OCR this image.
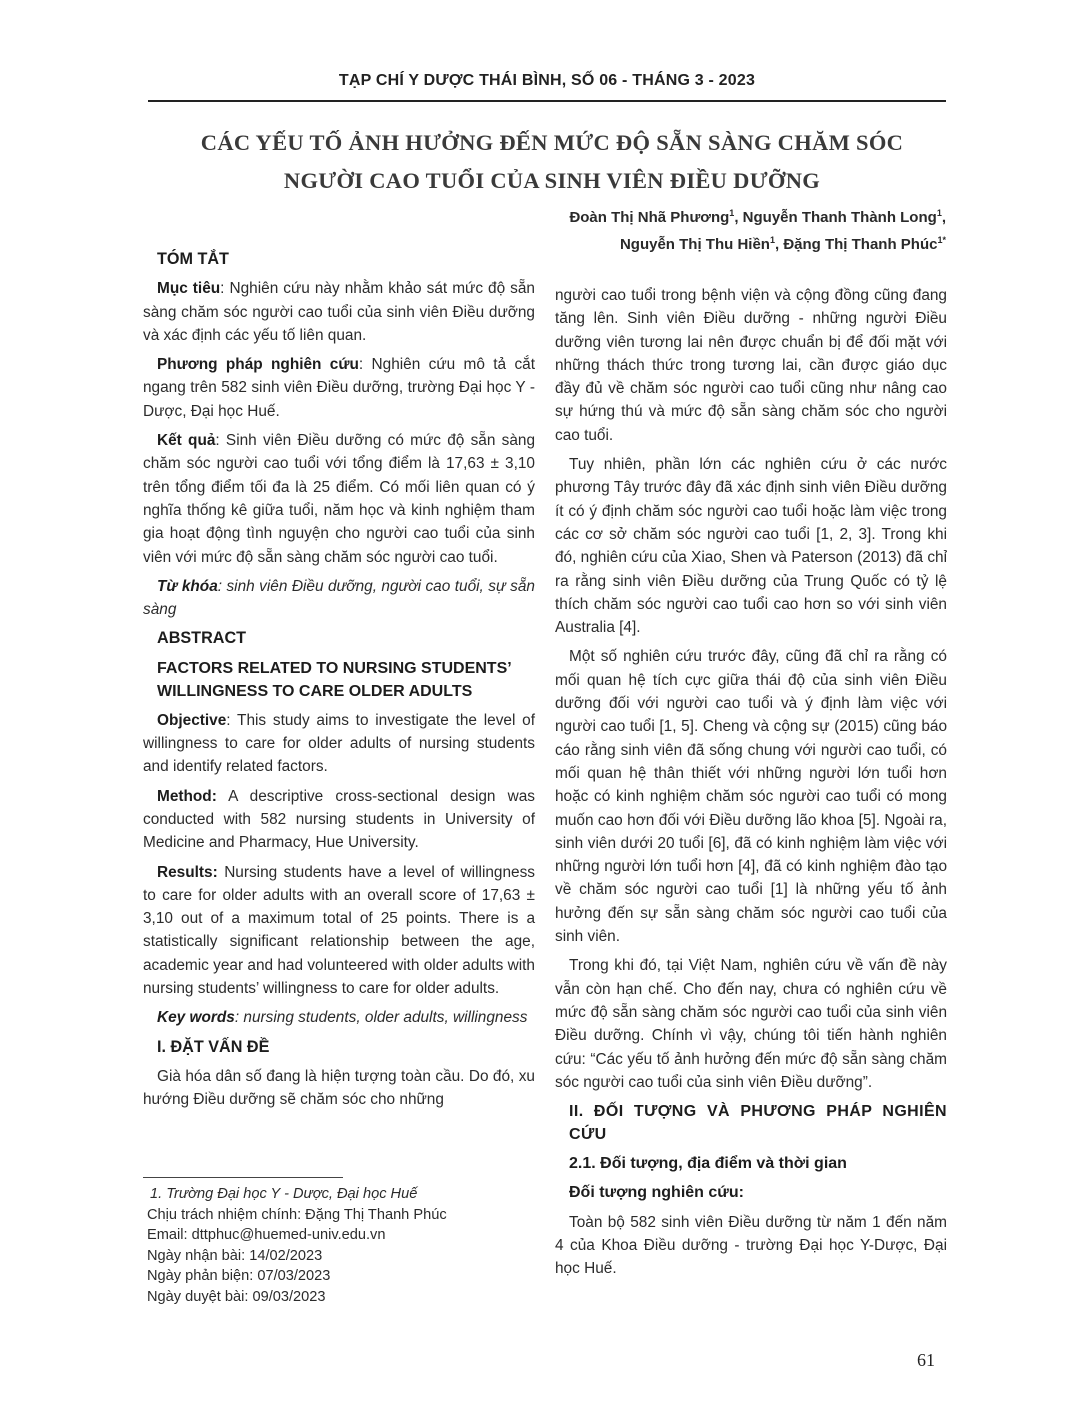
TẠP CHÍ Y DƯỢC THÁI BÌNH, SỐ 06 - THÁNG 3 - 2023
CÁC YẾU TỐ ẢNH HƯỞNG ĐẾN MỨC ĐỘ SẴN SÀNG CHĂM SÓC
NGƯỜI CAO TUỔI CỦA SINH VIÊN ĐIỀU DƯỠNG
Đoàn Thị Nhã Phương$^1$, Nguyễn Thanh Thành Long$^1$,
Nguyễn Thị Thu Hiền$^1$, Đặng Thị Thanh Phúc$^{1*}$
TÓM TẮT

Mục tiêu: Nghiên cứu này nhằm khảo sát mức độ sẵn sàng chăm sóc người cao tuổi của sinh viên Điều dưỡng và xác định các yếu tố liên quan.

Phương pháp nghiên cứu: Nghiên cứu mô tả cắt ngang trên 582 sinh viên Điều dưỡng, trường Đại học Y - Dược, Đại học Huế.

Kết quả: Sinh viên Điều dưỡng có mức độ sẵn sàng chăm sóc người cao tuổi với tổng điểm là 17,63 ± 3,10 trên tổng điểm tối đa là 25 điểm. Có mối liên quan có ý nghĩa thống kê giữa tuổi, năm học và kinh nghiệm tham gia hoạt động tình nguyện cho người cao tuổi của sinh viên với mức độ sẵn sàng chăm sóc người cao tuổi.

Từ khóa: sinh viên Điều dưỡng, người cao tuổi, sự sẵn sàng

ABSTRACT
FACTORS RELATED TO NURSING STUDENTS’ WILLINGNESS TO CARE OLDER ADULTS

Objective: This study aims to investigate the level of willingness to care for older adults of nursing students and identify related factors.

Method: A descriptive cross-sectional design was conducted with 582 nursing students in University of Medicine and Pharmacy, Hue University.

Results: Nursing students have a level of willingness to care for older adults with an overall score of 17,63 ± 3,10 out of a maximum total of 25 points. There is a statistically significant relationship between the age, academic year and had volunteered with older adults with nursing students’ willingness to care for older adults.

Key words: nursing students, older adults, willingness

I. ĐẶT VẤN ĐỀ

Già hóa dân số đang là hiện tượng toàn cầu. Do đó, xu hướng Điều dưỡng sẽ chăm sóc cho những

1. Trường Đại học Y - Dược, Đại học Huế
Chịu trách nhiệm chính: Đặng Thị Thanh Phúc
Email: dttphuc@huemed-univ.edu.vn
Ngày nhận bài: 14/02/2023
Ngày phản biện: 07/03/2023
Ngày duyệt bài: 09/03/2023

người cao tuổi trong bệnh viện và cộng đồng cũng đang tăng lên. Sinh viên Điều dưỡng - những người Điều dưỡng viên tương lai nên được chuẩn bị để đối mặt với những thách thức trong tương lai, cần được giáo dục đầy đủ về chăm sóc người cao tuổi cũng như nâng cao sự hứng thú và mức độ sẵn sàng chăm sóc cho người cao tuổi.

Tuy nhiên, phần lớn các nghiên cứu ở các nước phương Tây trước đây đã xác định sinh viên Điều dưỡng ít có ý định chăm sóc người cao tuổi hoặc làm việc trong các cơ sở chăm sóc người cao tuổi [1, 2, 3]. Trong khi đó, nghiên cứu của Xiao, Shen và Paterson (2013) đã chỉ ra rằng sinh viên Điều dưỡng của Trung Quốc có tỷ lệ thích chăm sóc người cao tuổi cao hơn so với sinh viên Australia [4].

Một số nghiên cứu trước đây, cũng đã chỉ ra rằng có mối quan hệ tích cực giữa thái độ của sinh viên Điều dưỡng đối với người cao tuổi và ý định làm việc với người cao tuổi [1, 5]. Cheng và cộng sự (2015) cũng báo cáo rằng sinh viên đã sống chung với người cao tuổi, có mối quan hệ thân thiết với những người lớn tuổi hơn hoặc có kinh nghiệm chăm sóc người cao tuổi có mong muốn cao hơn đối với Điều dưỡng lão khoa [5]. Ngoài ra, sinh viên dưới 20 tuổi [6], đã có kinh nghiệm làm việc với những người lớn tuổi hơn [4], đã có kinh nghiệm đào tạo về chăm sóc người cao tuổi [1] là những yếu tố ảnh hưởng đến sự sẵn sàng chăm sóc người cao tuổi của sinh viên.

Trong khi đó, tại Việt Nam, nghiên cứu về vấn đề này vẫn còn hạn chế. Cho đến nay, chưa có nghiên cứu về mức độ sẵn sàng chăm sóc người cao tuổi của sinh viên Điều dưỡng. Chính vì vậy, chúng tôi tiến hành nghiên cứu: “Các yếu tố ảnh hưởng đến mức độ sẵn sàng chăm sóc người cao tuổi của sinh viên Điều dưỡng”.

II. ĐỐI TƯỢNG VÀ PHƯƠNG PHÁP NGHIÊN CỨU
2.1. Đối tượng, địa điểm và thời gian
Đối tượng nghiên cứu:

Toàn bộ 582 sinh viên Điều dưỡng từ năm 1 đến năm 4 của Khoa Điều dưỡng - trường Đại học Y-Dược, Đại học Huế.

61
